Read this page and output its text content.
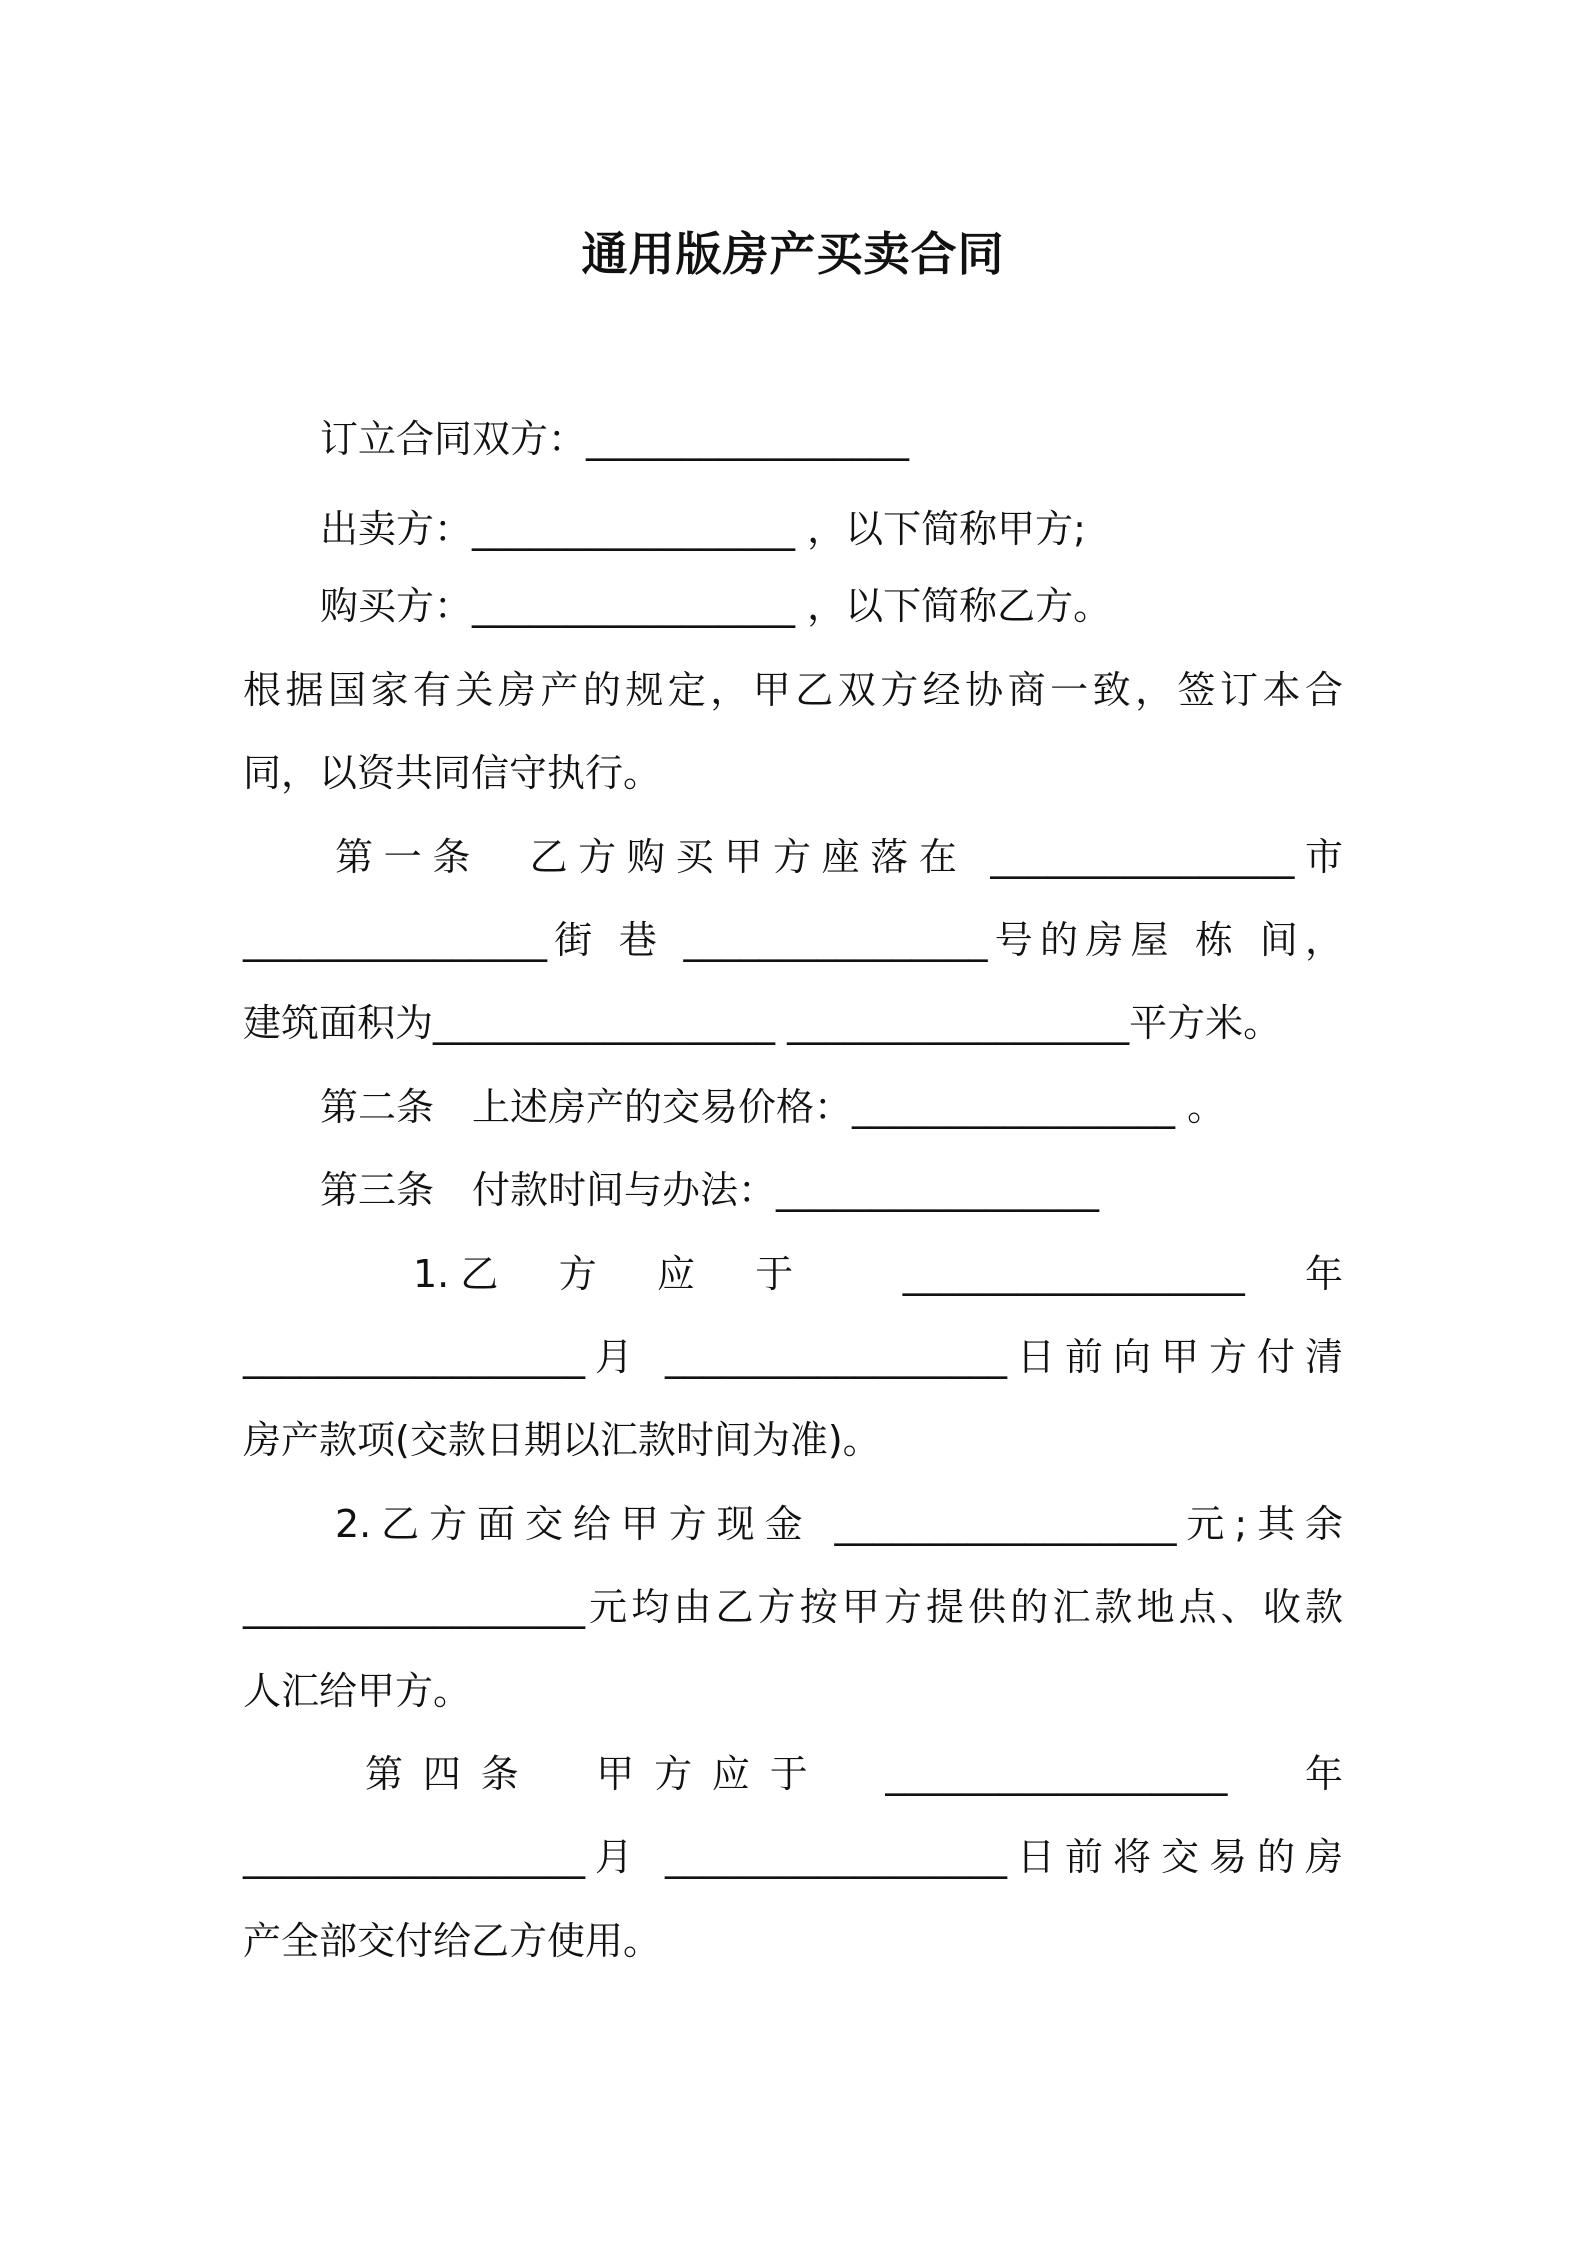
通用版房产买卖合同
订立合同双方：_________________
出卖方：_________________ ，以下简称甲方;
购买方：_________________ ，以下简称乙方。
根据国家有关房产的规定，甲乙双方经协商一致，签订本合
同，以资共同信守执行。
第一条　乙方购买甲方座落在 ________________市
________________街 巷 ________________号的房屋 栋 间，
建筑面积为__________________ __________________平方米。
第二条　上述房产的交易价格：_________________ 。
第三条　付款时间与办法：_________________
1.乙　方　应　于　　__________________　年
__________________月 __________________日前向甲方付清
房产款项(交款日期以汇款时间为准)。
2.乙方面交给甲方现金 __________________元;其余
__________________元均由乙方按甲方提供的汇款地点、收款
人汇给甲方。
第四条　甲方应于　__________________　年
__________________月 __________________日前将交易的房
产全部交付给乙方使用。
